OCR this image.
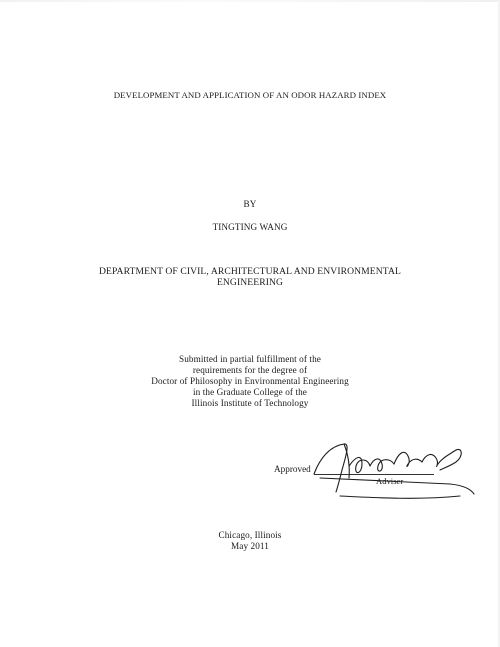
DEVELOPMENT AND APPLICATION OF AN ODOR HAZARD INDEX
BY
TINGTING WANG
DEPARTMENT OF CIVIL, ARCHITECTURAL AND ENVIRONMENTAL
ENGINEERING
Submitted in partial fulfillment of the
requirements for the degree of
Doctor of Philosophy in Environmental Engineering
in the Graduate College of the
Illinois Institute of Technology
Approved
Adviser
Chicago, Illinois
May 2011
